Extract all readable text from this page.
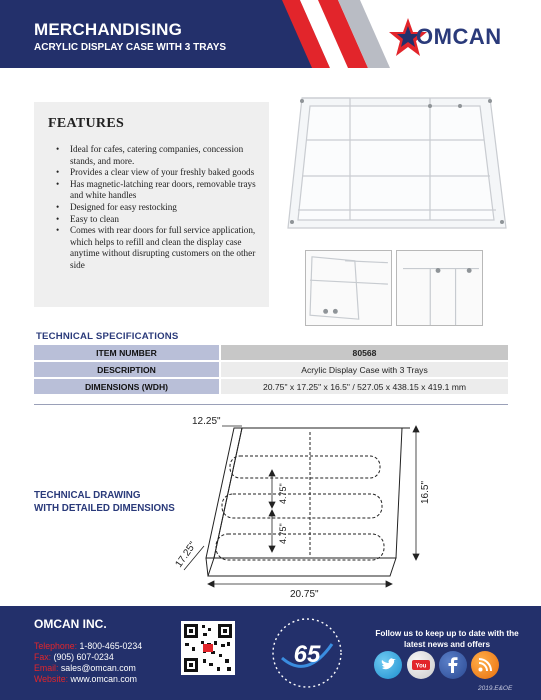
MERCHANDISING
ACRYLIC DISPLAY CASE WITH 3 TRAYS	OMCAN
FEATURES
• Ideal for cafes, catering companies, concession stands, and more.
• Provides a clear view of your freshly baked goods
• Has magnetic-latching rear doors, removable trays and white handles
• Designed for easy restocking
• Easy to clean
• Comes with rear doors for full service application, which helps to refill and clean the display case anytime without disrupting customers on the other side
TECHNICAL SPECIFICATIONS
ITEM NUMBER	80568
DESCRIPTION	Acrylic Display Case with 3 Trays
DIMENSIONS (WDH)	20.75" x 17.25" x 16.5" / 527.05 x 438.15 x 419.1 mm
TECHNICAL DRAWING
WITH DETAILED DIMENSIONS
12.25"
16.5"
17.25"
20.75"
4.75"
4.75"
OMCAN INC.
Telephone: 1-800-465-0234
Fax: (905) 607-0234
Email: sales@omcan.com
Website: www.omcan.com
65
Follow us to keep up to date with the
latest news and offers
You
2019.E&OE
